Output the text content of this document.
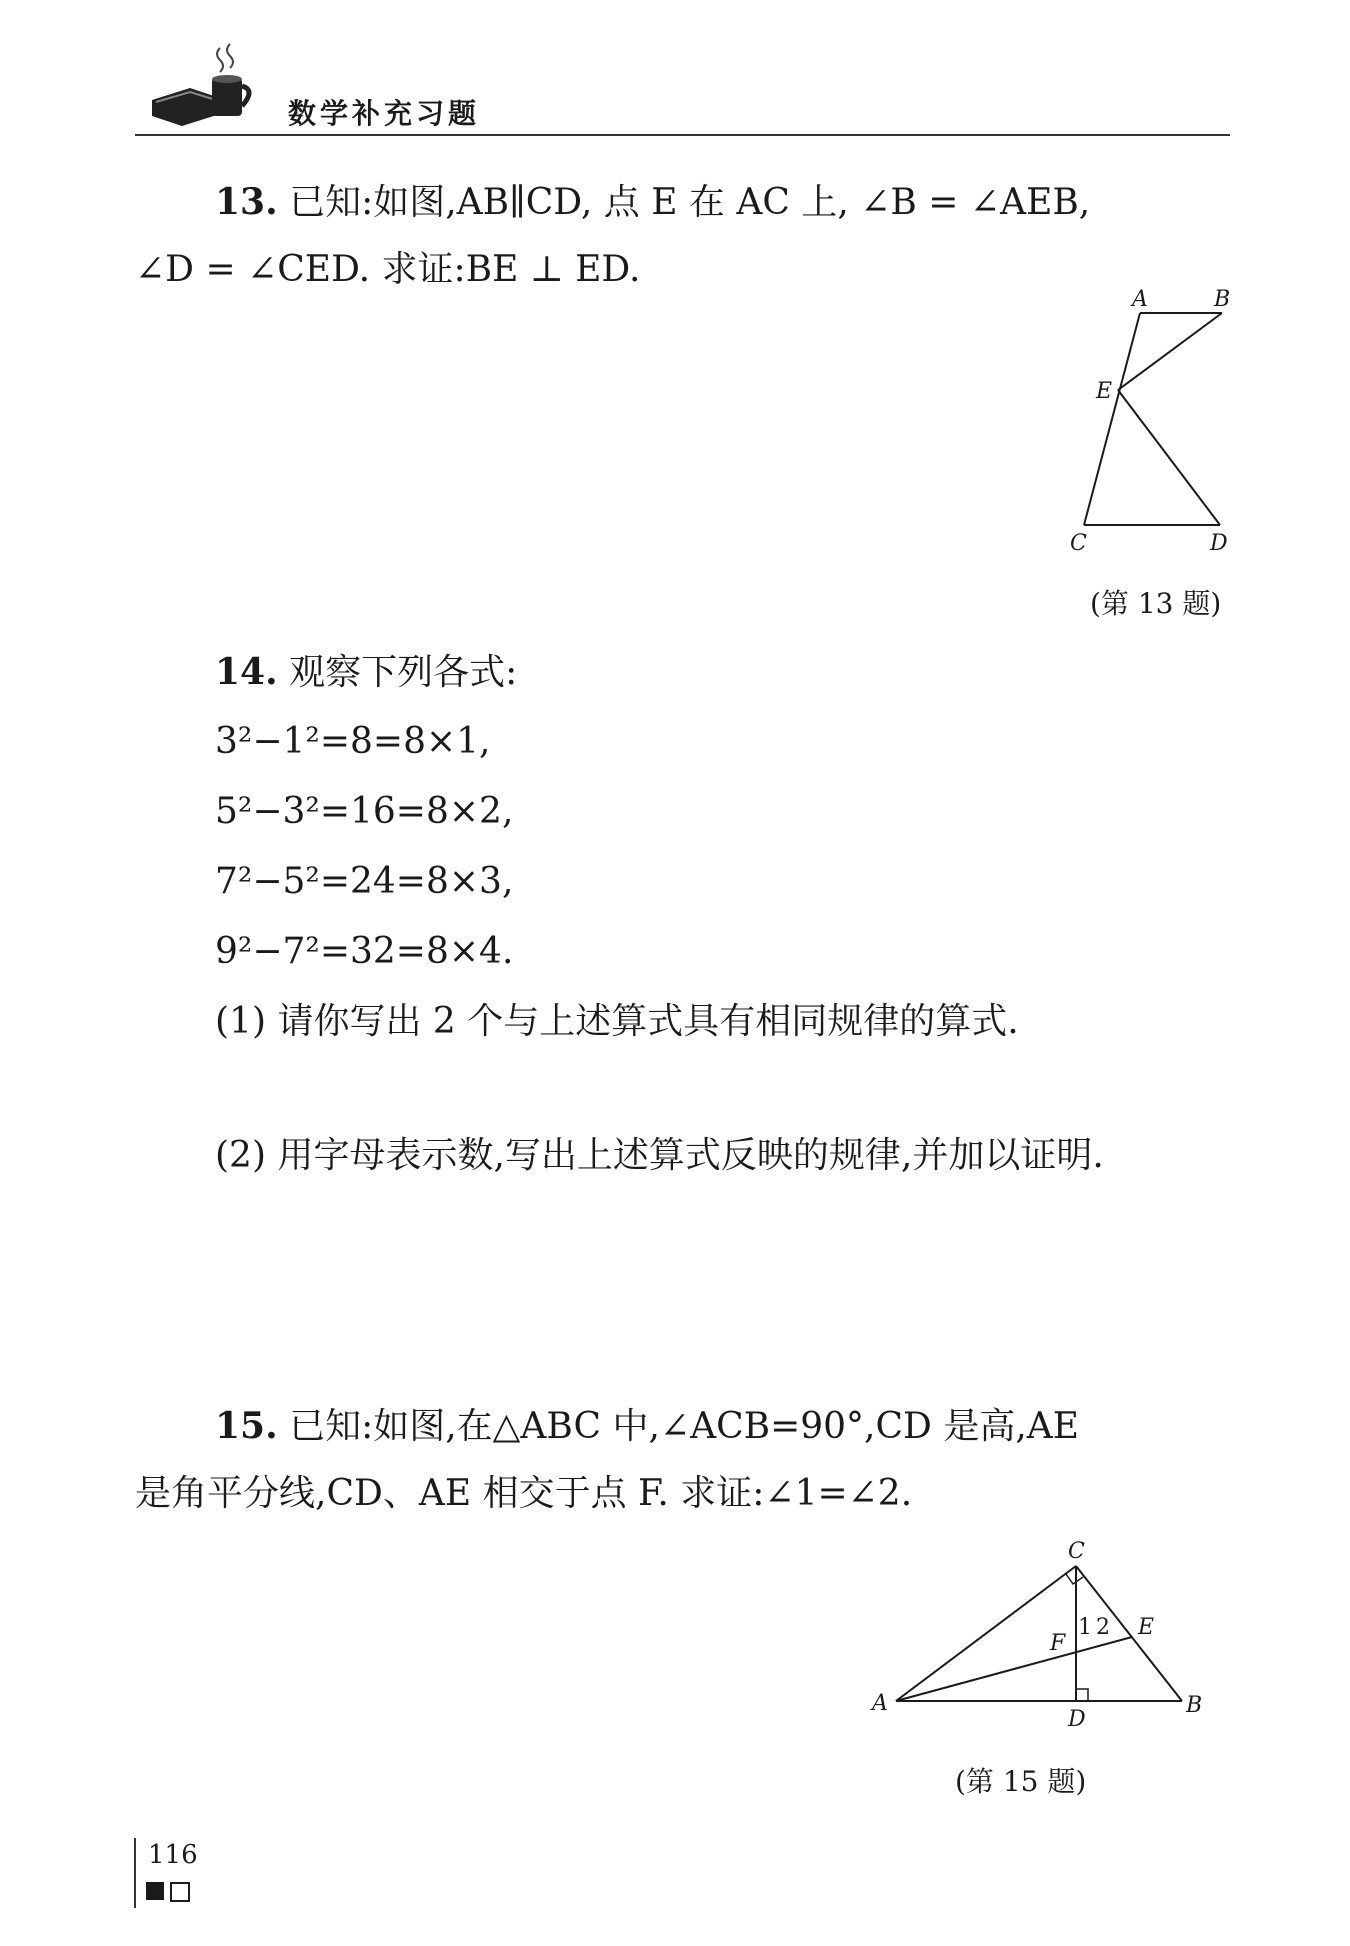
数学补充习题
13. 已知:如图,AB∥CD, 点 E 在 AC 上, ∠B = ∠AEB,
∠D = ∠CED. 求证:BE ⊥ ED.
A	B
E
C	D
(第 13 题)
14. 观察下列各式:
3²−1²=8=8×1,
5²−3²=16=8×2,
7²−5²=24=8×3,
9²−7²=32=8×4.
(1) 请你写出 2 个与上述算式具有相同规律的算式.
(2) 用字母表示数,写出上述算式反映的规律,并加以证明.
15. 已知:如图,在△ABC 中,∠ACB=90°,CD 是高,AE
是角平分线,CD、AE 相交于点 F. 求证:∠1=∠2.
C
E
F
1 2
A
D
B
(第 15 题)
116
